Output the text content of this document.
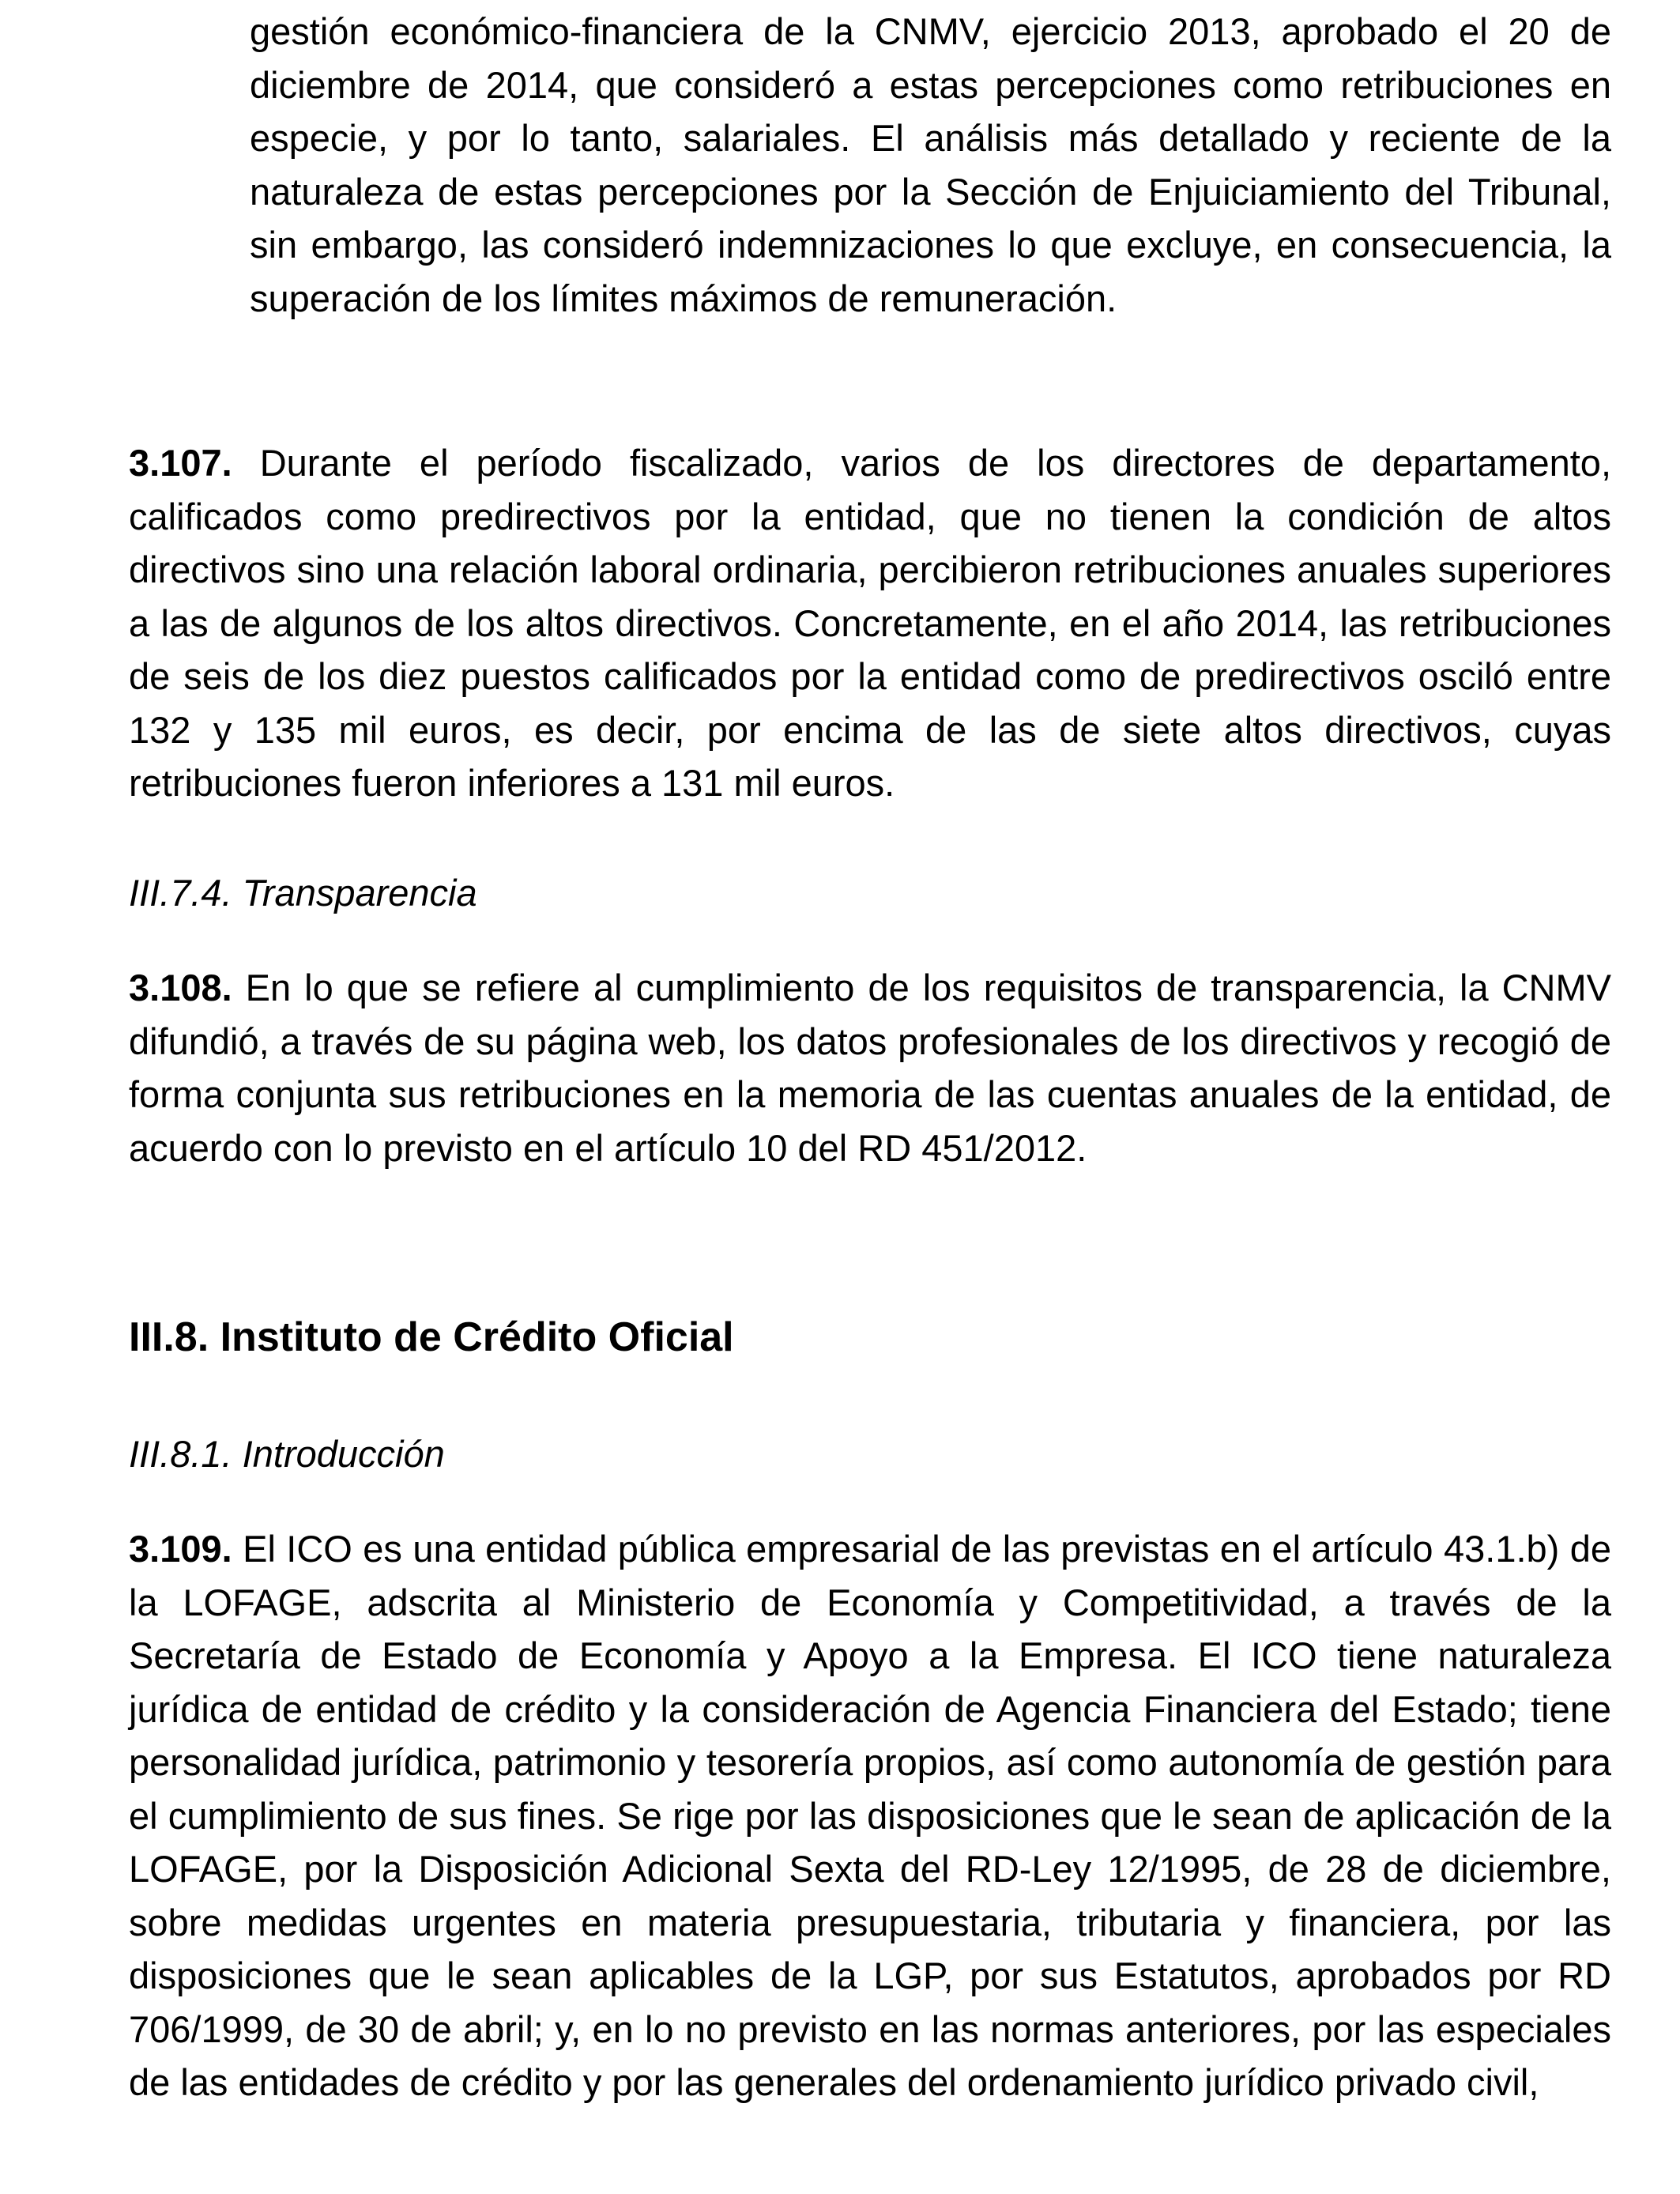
gestión económico-financiera de la CNMV, ejercicio 2013, aprobado el 20 de diciembre de 2014, que consideró a estas percepciones como retribuciones en especie, y por lo tanto, salariales. El análisis más detallado y reciente de la naturaleza de estas percepciones por la Sección de Enjuiciamiento del Tribunal, sin embargo, las consideró indemnizaciones lo que excluye, en consecuencia, la superación de los límites máximos de remuneración.

3.107. Durante el período fiscalizado, varios de los directores de departamento, calificados como predirectivos por la entidad, que no tienen la condición de altos directivos sino una relación laboral ordinaria, percibieron retribuciones anuales superiores a las de algunos de los altos directivos. Concretamente, en el año 2014, las retribuciones de seis de los diez puestos calificados por la entidad como de predirectivos osciló entre 132 y 135 mil euros, es decir, por encima de las de siete altos directivos, cuyas retribuciones fueron inferiores a 131 mil euros.

III.7.4. Transparencia

3.108. En lo que se refiere al cumplimiento de los requisitos de transparencia, la CNMV difundió, a través de su página web, los datos profesionales de los directivos y recogió de forma conjunta sus retribuciones en la memoria de las cuentas anuales de la entidad, de acuerdo con lo previsto en el artículo 10 del RD 451/2012.

III.8. Instituto de Crédito Oficial

III.8.1. Introducción

3.109. El ICO es una entidad pública empresarial de las previstas en el artículo 43.1.b) de la LOFAGE, adscrita al Ministerio de Economía y Competitividad, a través de la Secretaría de Estado de Economía y Apoyo a la Empresa. El ICO tiene naturaleza jurídica de entidad de crédito y la consideración de Agencia Financiera del Estado; tiene personalidad jurídica, patrimonio y tesorería propios, así como autonomía de gestión para el cumplimiento de sus fines. Se rige por las disposiciones que le sean de aplicación de la LOFAGE, por la Disposición Adicional Sexta del RD-Ley 12/1995, de 28 de diciembre, sobre medidas urgentes en materia presupuestaria, tributaria y financiera, por las disposiciones que le sean aplicables de la LGP, por sus Estatutos, aprobados por RD 706/1999, de 30 de abril; y, en lo no previsto en las normas anteriores, por las especiales de las entidades de crédito y por las generales del ordenamiento jurídico privado civil,
